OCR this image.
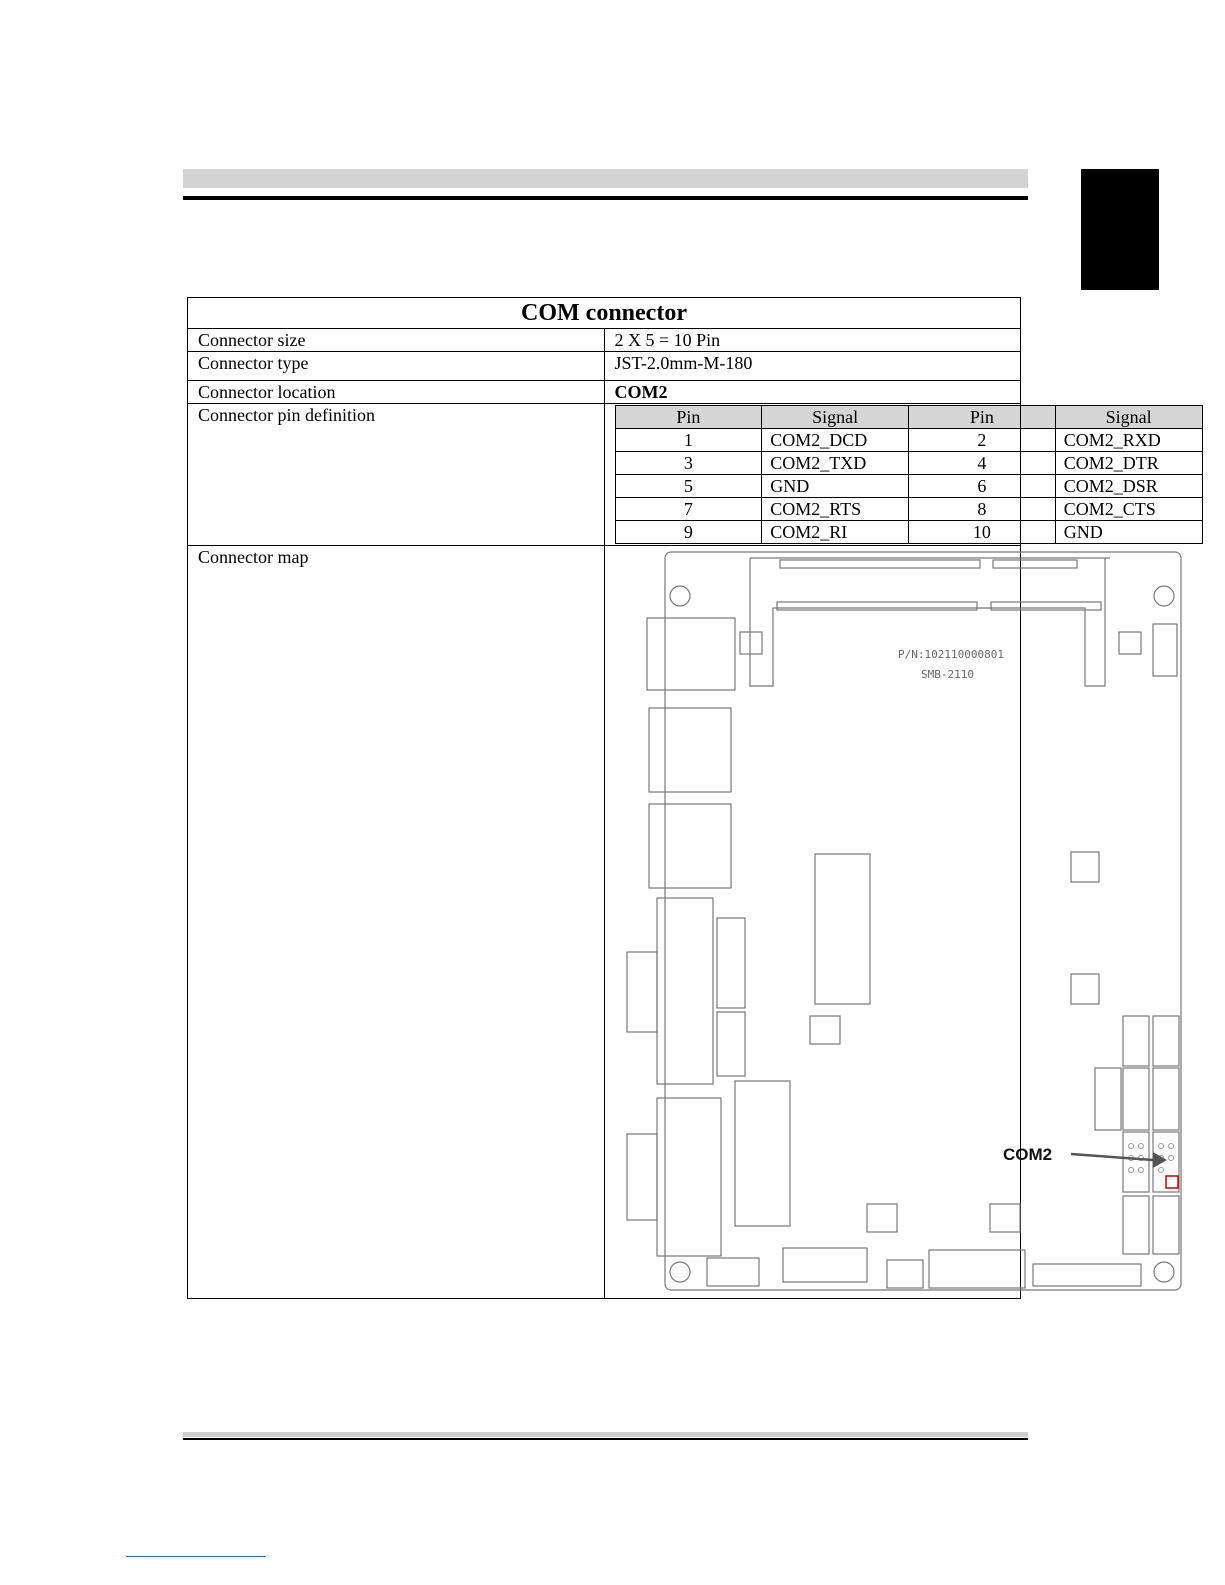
COM connector
Connector size	2 X 5 = 10 Pin
Connector type	JST-2.0mm-M-180
Connector location	COM2
Connector pin definition		Pin	Signal	Pin	Signal
1	COM2_DCD	2	COM2_RXD
3	COM2_TXD	4	COM2_DTR
5	GND	6	COM2_DSR
7	COM2_RTS	8	COM2_CTS
9	COM2_RI	10	GND

Connector map	
COM2
P/N:102110000801
SMB-2110
